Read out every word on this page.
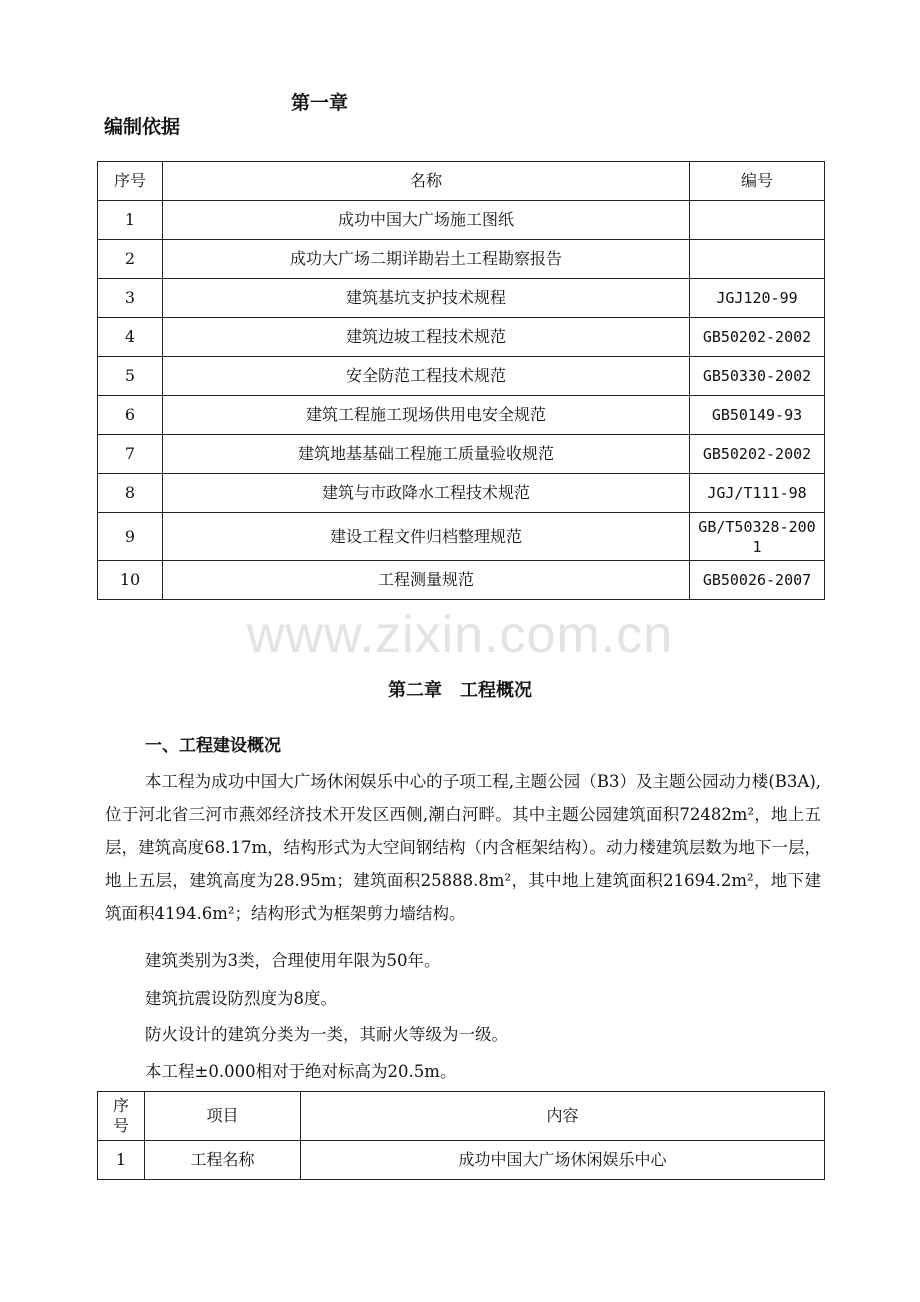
第一章
编制依据
序号	名称	编号
1	成功中国大广场施工图纸	
2	成功大广场二期详勘岩土工程勘察报告	
3	建筑基坑支护技术规程	JGJ120-99
4	建筑边坡工程技术规范	GB50202-2002
5	安全防范工程技术规范	GB50330-2002
6	建筑工程施工现场供用电安全规范	GB50149-93
7	建筑地基基础工程施工质量验收规范	GB50202-2002
8	建筑与市政降水工程技术规范	JGJ/T111-98
9	建设工程文件归档整理规范	GB/T50328-2001
10	工程测量规范	GB50026-2007
www.zixin.com.cn
第二章　工程概况
一、工程建设概况
本工程为成功中国大广场休闲娱乐中心的子项工程,主题公园（B3）及主题公园动力楼(B3A),位于河北省三河市燕郊经济技术开发区西侧,潮白河畔。其中主题公园建筑面积72482m²，地上五层，建筑高度68.17m，结构形式为大空间钢结构（内含框架结构）。动力楼建筑层数为地下一层，地上五层，建筑高度为28.95m；建筑面积25888.8m²，其中地上建筑面积21694.2m²，地下建筑面积4194.6m²；结构形式为框架剪力墙结构。
建筑类别为3类，合理使用年限为50年。
建筑抗震设防烈度为8度。
防火设计的建筑分类为一类，其耐火等级为一级。
本工程±0.000相对于绝对标高为20.5m。
序号	项目	内容
1	工程名称	成功中国大广场休闲娱乐中心
